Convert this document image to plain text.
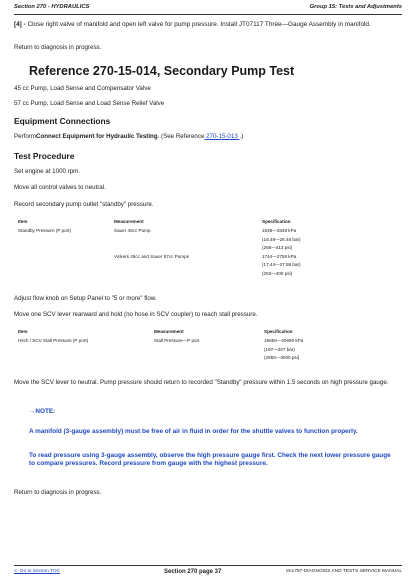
Section 270 - HYDRAULICS	Group 15: Tests and Adjustments
[4] - Close right valve of manifold and open left valve for pump pressure. Install JT07117 Three—Gauge Assembly in manifold.
Return to diagnosis in progress.
Reference 270-15-014, Secondary Pump Test
45 cc Pump, Load Sense and Compensator Valve
57 cc Pump, Load Sense and Load Sense Relief Valve
Equipment Connections
PerformConnect Equipment for Hydraulic Testing. (See Reference 270-15-013 .)
Test Procedure
Set engine at 1000 rpm.
Move all control valves to neutral.
Record secondary pump outlet "standby" pressure.
Item	Measurement	Specification
Standby Pressure (P port)	Sauer 45cc Pump	1848—2848 kPa
(18.48—28.48 bar)
(268—413 psi)

	Vickers 45cc and Sauer 57cc Pumps	1744—2758 kPa
(17.44—27.58 bar)
(253—400 psi)
Adjust flow knob on Setup Panel to "5 or more" flow.
Move one SCV lever rearward and hold (no hose in SCV coupler) to reach stall pressure.
Item	Measurement	Specification
Hitch / SCV Stall Pressure (P port)	Stall Pressure—P port	19650—20690 kPa
(197—207 bar)
(2850—3000 psi)
Move the SCV lever to neutral. Pump pressure should return to recorded "Standby" pressure within 1.5 seconds on high pressure gauge.
→NOTE:
A manifold (3-gauge assembly) must be free of air in fluid in order for the shuttle valves to function properly.
To read pressure using 3-gauge assembly, observe the high pressure gauge first. Check the next lower pressure gauge to compare pressures. Record pressure from gauge with the highest pressure.
Return to diagnosis in progress.
<- Go to Section TOC	Section 270 page 37	tm1797-DIAGNOSIS AND TESTS SERVICE MANUAL
